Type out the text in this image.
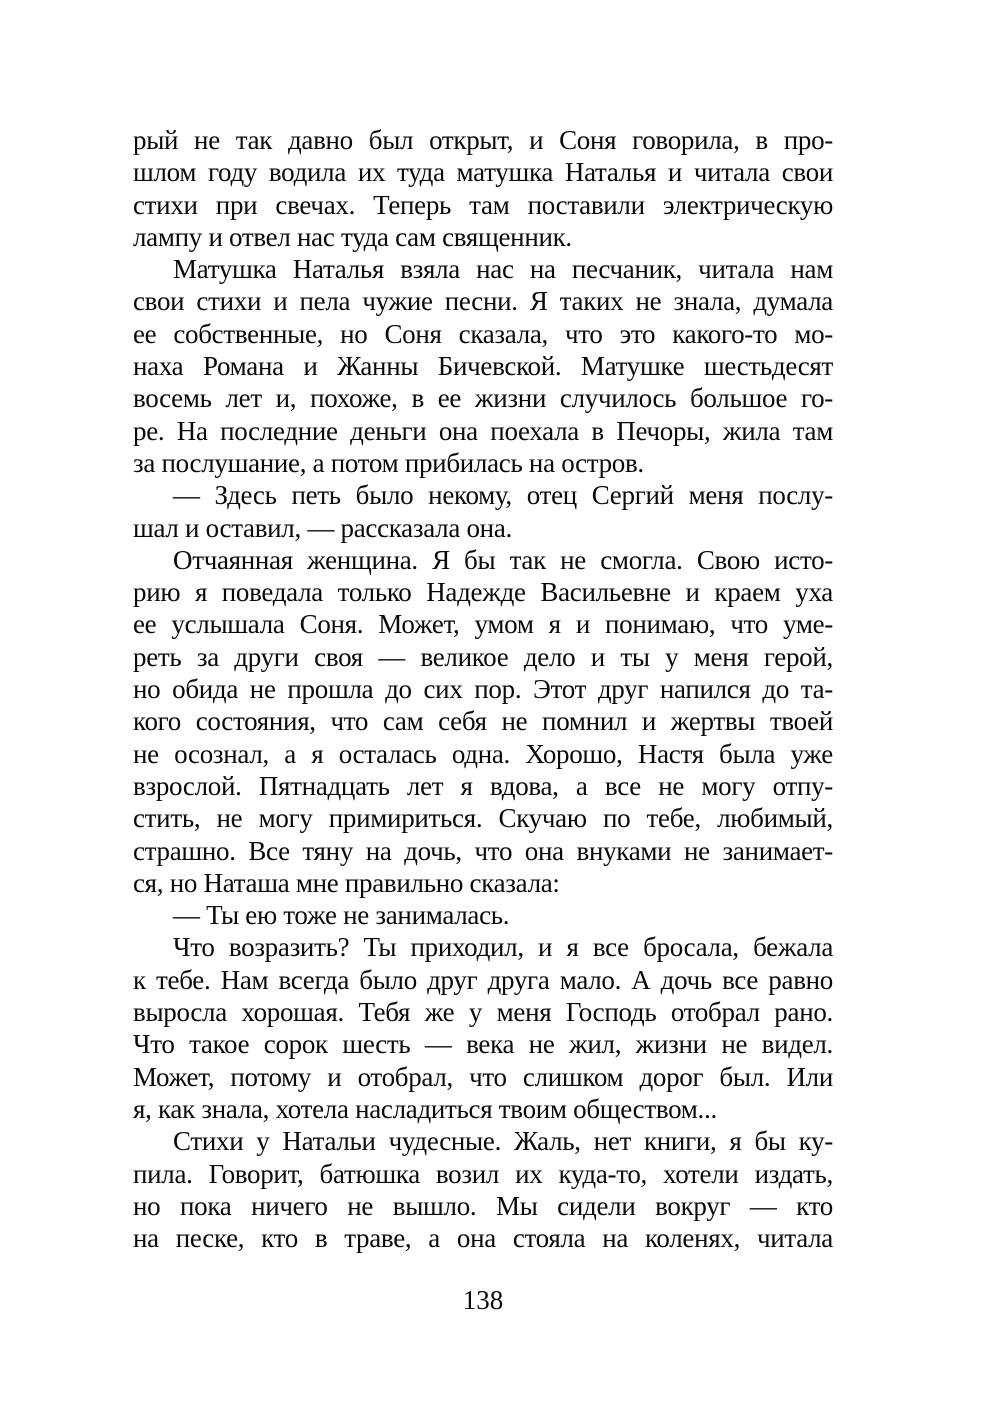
рый не так давно был открыт, и Соня говорила, в про-
шлом году водила их туда матушка Наталья и читала свои
стихи при свечах. Теперь там поставили электрическую
лампу и отвел нас туда сам священник.
Матушка Наталья взяла нас на песчаник, читала нам
свои стихи и пела чужие песни. Я таких не знала, думала
ее собственные, но Соня сказала, что это какого-то мо-
наха Романа и Жанны Бичевской. Матушке шестьдесят
восемь лет и, похоже, в ее жизни случилось большое го-
ре. На последние деньги она поехала в Печоры, жила там
за послушание, а потом прибилась на остров.
— Здесь петь было некому, отец Сергий меня послу-
шал и оставил, — рассказала она.
Отчаянная женщина. Я бы так не смогла. Свою исто-
рию я поведала только Надежде Васильевне и краем уха
ее услышала Соня. Может, умом я и понимаю, что уме-
реть за други своя — великое дело и ты у меня герой,
но обида не прошла до сих пор. Этот друг напился до та-
кого состояния, что сам себя не помнил и жертвы твоей
не осознал, а я осталась одна. Хорошо, Настя была уже
взрослой. Пятнадцать лет я вдова, а все не могу отпу-
стить, не могу примириться. Скучаю по тебе, любимый,
страшно. Все тяну на дочь, что она внуками не занимает-
ся, но Наташа мне правильно сказала:
— Ты ею тоже не занималась.
Что возразить? Ты приходил, и я все бросала, бежала
к тебе. Нам всегда было друг друга мало. А дочь все равно
выросла хорошая. Тебя же у меня Господь отобрал рано.
Что такое сорок шесть — века не жил, жизни не видел.
Может, потому и отобрал, что слишком дорог был. Или
я, как знала, хотела насладиться твоим обществом...
Стихи у Натальи чудесные. Жаль, нет книги, я бы ку-
пила. Говорит, батюшка возил их куда-то, хотели издать,
но пока ничего не вышло. Мы сидели вокруг — кто
на песке, кто в траве, а она стояла на коленях, читала
138
